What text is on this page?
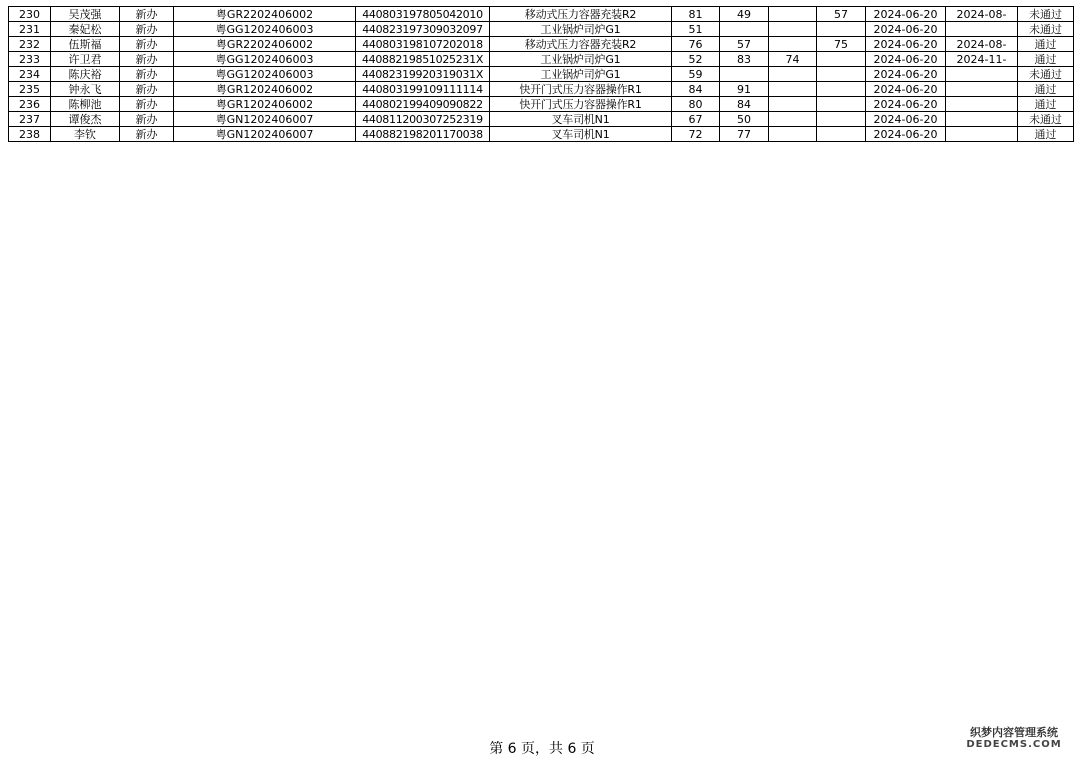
230	吴茂强	新办	粤GR2202406002	440803197805042010	移动式压力容器充装R2	81	49		57	2024-06-20	2024-08-	未通过
231	秦妃松	新办	粤GG1202406003	440823197309032097	工业锅炉司炉G1	51				2024-06-20		未通过
232	伍斯福	新办	粤GR2202406002	440803198107202018	移动式压力容器充装R2	76	57		75	2024-06-20	2024-08-	通过
233	许卫君	新办	粤GG1202406003	44088219851025231X	工业锅炉司炉G1	52	83	74		2024-06-20	2024-11-	通过
234	陈庆裕	新办	粤GG1202406003	44082319920319031X	工业锅炉司炉G1	59				2024-06-20		未通过
235	钟永飞	新办	粤GR1202406002	440803199109111114	快开门式压力容器操作R1	84	91			2024-06-20		通过
236	陈柳池	新办	粤GR1202406002	440802199409090822	快开门式压力容器操作R1	80	84			2024-06-20		通过
237	谭俊杰	新办	粤GN1202406007	440811200307252319	叉车司机N1	67	50			2024-06-20		未通过
238	李钦	新办	粤GN1202406007	440882198201170038	叉车司机N1	72	77			2024-06-20		通过
第 6 页，共 6 页
织梦内容管理系统
DEDECMS.COM
